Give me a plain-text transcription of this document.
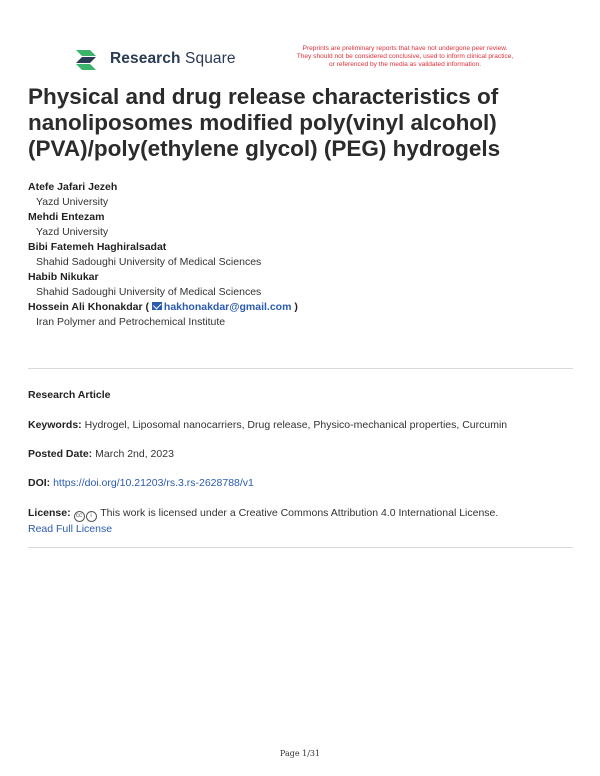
Research Square
Preprints are preliminary reports that have not undergone peer review.
They should not be considered conclusive, used to inform clinical practice,
or referenced by the media as validated information.
Physical and drug release characteristics of nanoliposomes modified poly(vinyl alcohol) (PVA)/poly(ethylene glycol) (PEG) hydrogels
Atefe Jafari Jezeh
Yazd University
Mehdi Entezam
Yazd University
Bibi Fatemeh Haghiralsadat
Shahid Sadoughi University of Medical Sciences
Habib Nikukar
Shahid Sadoughi University of Medical Sciences
Hossein Ali Khonakdar ( hakhonakdar@gmail.com )
Iran Polymer and Petrochemical Institute
Research Article
Keywords: Hydrogel, Liposomal nanocarriers, Drug release, Physico-mechanical properties, Curcumin
Posted Date: March 2nd, 2023
DOI: https://doi.org/10.21203/rs.3.rs-2628788/v1
License: cc i This work is licensed under a Creative Commons Attribution 4.0 International License.
Read Full License
Page 1/31
